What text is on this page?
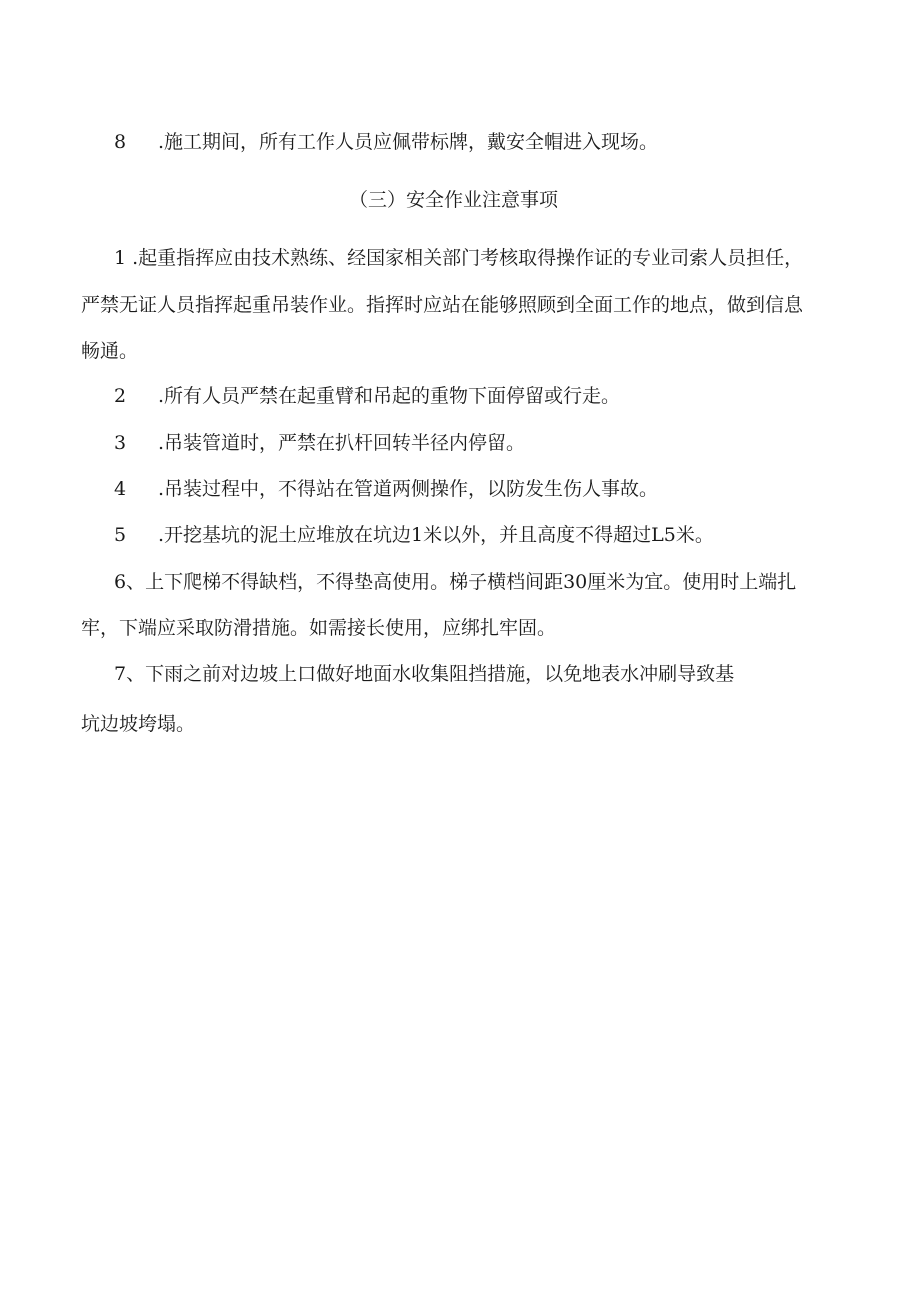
8 .施工期间，所有工作人员应佩带标牌，戴安全帽进入现场。
（三）安全作业注意事项
1 .起重指挥应由技术熟练、经国家相关部门考核取得操作证的专业司索人员担任，
严禁无证人员指挥起重吊装作业。指挥时应站在能够照顾到全面工作的地点，做到信息
畅通。
2 .所有人员严禁在起重臂和吊起的重物下面停留或行走。
3 .吊装管道时，严禁在扒杆回转半径内停留。
4 .吊装过程中，不得站在管道两侧操作，以防发生伤人事故。
5 .开挖基坑的泥土应堆放在坑边1米以外，并且高度不得超过L5米。
6、上下爬梯不得缺档，不得垫高使用。梯子横档间距30厘米为宜。使用时上端扎
牢，下端应采取防滑措施。如需接长使用，应绑扎牢固。
7、下雨之前对边坡上口做好地面水收集阻挡措施，以免地表水冲刷导致基
坑边坡垮塌。
